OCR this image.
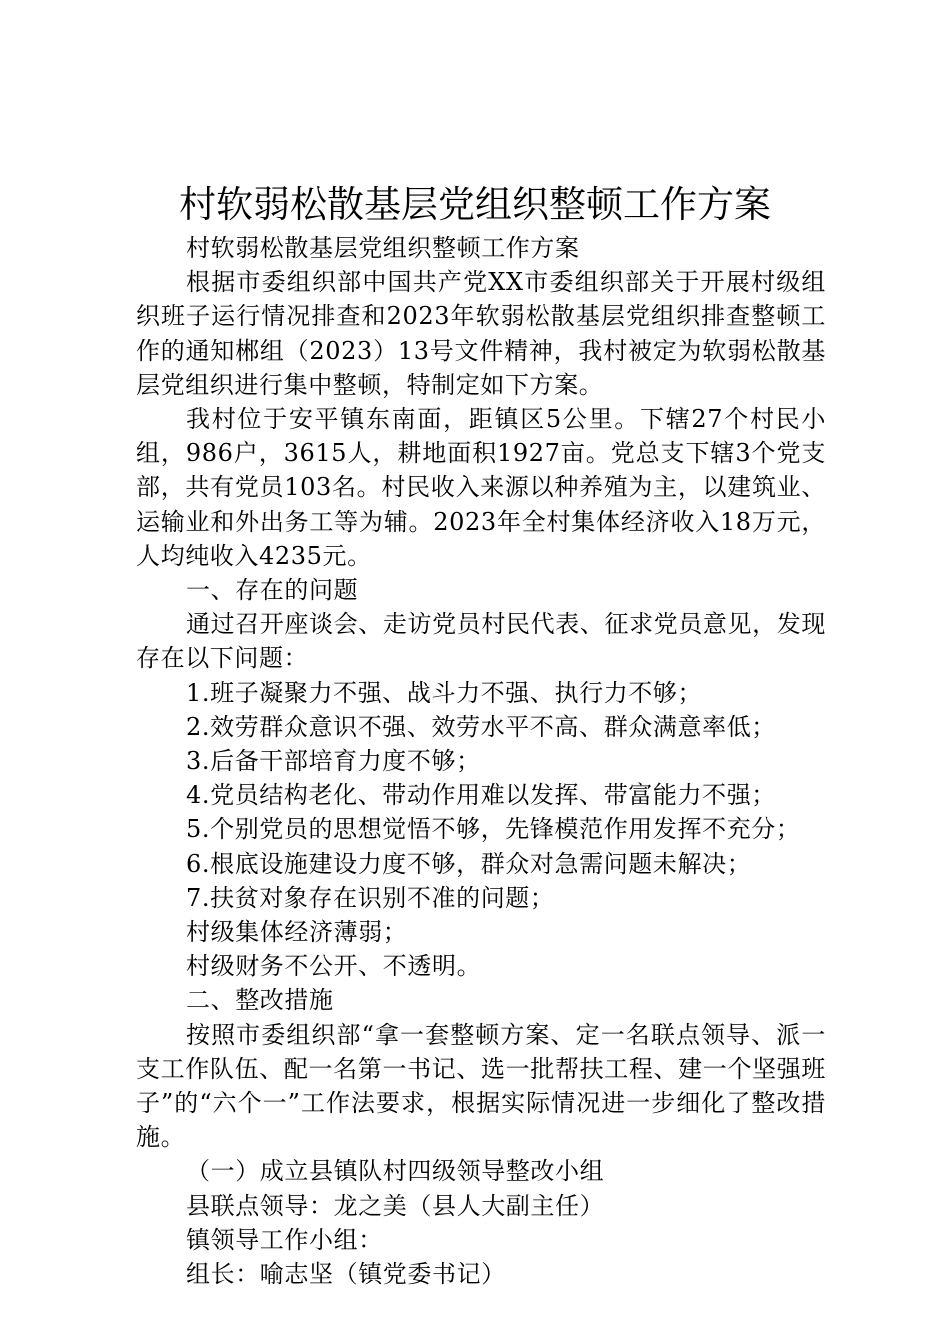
村软弱松散基层党组织整顿工作方案

村软弱松散基层党组织整顿工作方案

根据市委组织部中国共产党XX市委组织部关于开展村级组织班子运行情况排查和2023年软弱松散基层党组织排查整顿工作的通知郴组（2023）13号文件精神，我村被定为软弱松散基层党组织进行集中整顿，特制定如下方案。

我村位于安平镇东南面，距镇区5公里。下辖27个村民小组，986户，3615人，耕地面积1927亩。党总支下辖3个党支部，共有党员103名。村民收入来源以种养殖为主，以建筑业、运输业和外出务工等为辅。2023年全村集体经济收入18万元，人均纯收入4235元。

一、存在的问题

通过召开座谈会、走访党员村民代表、征求党员意见，发现存在以下问题：

1.班子凝聚力不强、战斗力不强、执行力不够；

2.效劳群众意识不强、效劳水平不高、群众满意率低；

3.后备干部培育力度不够；

4.党员结构老化、带动作用难以发挥、带富能力不强；

5.个别党员的思想觉悟不够，先锋模范作用发挥不充分；

6.根底设施建设力度不够，群众对急需问题未解决；

7.扶贫对象存在识别不准的问题；

村级集体经济薄弱；

村级财务不公开、不透明。

二、整改措施

按照市委组织部“拿一套整顿方案、定一名联点领导、派一支工作队伍、配一名第一书记、选一批帮扶工程、建一个坚强班子”的“六个一”工作法要求，根据实际情况进一步细化了整改措施。

（一）成立县镇队村四级领导整改小组

县联点领导：龙之美（县人大副主任）

镇领导工作小组：

组长：喻志坚（镇党委书记）
